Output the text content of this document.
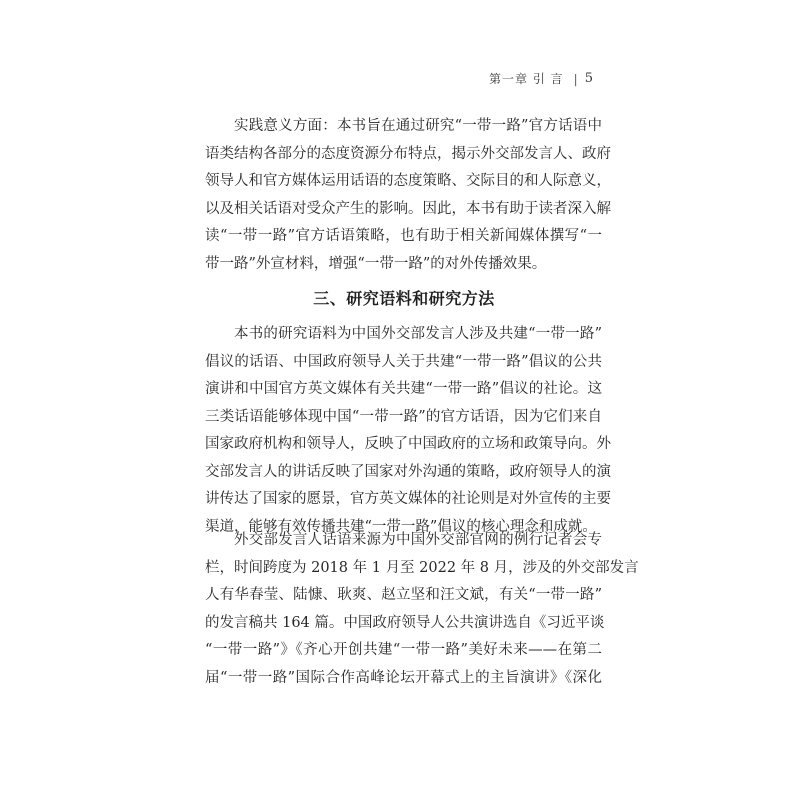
第一章 引 言 | 5
实践意义方面：本书旨在通过研究“一带一路”官方话语中
语类结构各部分的态度资源分布特点，揭示外交部发言人、政府
领导人和官方媒体运用话语的态度策略、交际目的和人际意义，
以及相关话语对受众产生的影响。因此，本书有助于读者深入解
读“一带一路”官方话语策略，也有助于相关新闻媒体撰写“一
带一路”外宣材料，增强“一带一路”的对外传播效果。
三、研究语料和研究方法
本书的研究语料为中国外交部发言人涉及共建“一带一路”
倡议的话语、中国政府领导人关于共建“一带一路”倡议的公共
演讲和中国官方英文媒体有关共建“一带一路”倡议的社论。这
三类话语能够体现中国“一带一路”的官方话语，因为它们来自
国家政府机构和领导人，反映了中国政府的立场和政策导向。外
交部发言人的讲话反映了国家对外沟通的策略，政府领导人的演
讲传达了国家的愿景，官方英文媒体的社论则是对外宣传的主要
渠道，能够有效传播共建“一带一路”倡议的核心理念和成就。
外交部发言人话语来源为中国外交部官网的例行记者会专
栏，时间跨度为 2018 年 1 月至 2022 年 8 月，涉及的外交部发言
人有华春莹、陆慷、耿爽、赵立坚和汪文斌，有关“一带一路”
的发言稿共 164 篇。中国政府领导人公共演讲选自《习近平谈
“一带一路”》《齐心开创共建“一带一路”美好未来——在第二
届“一带一路”国际合作高峰论坛开幕式上的主旨演讲》《深化
